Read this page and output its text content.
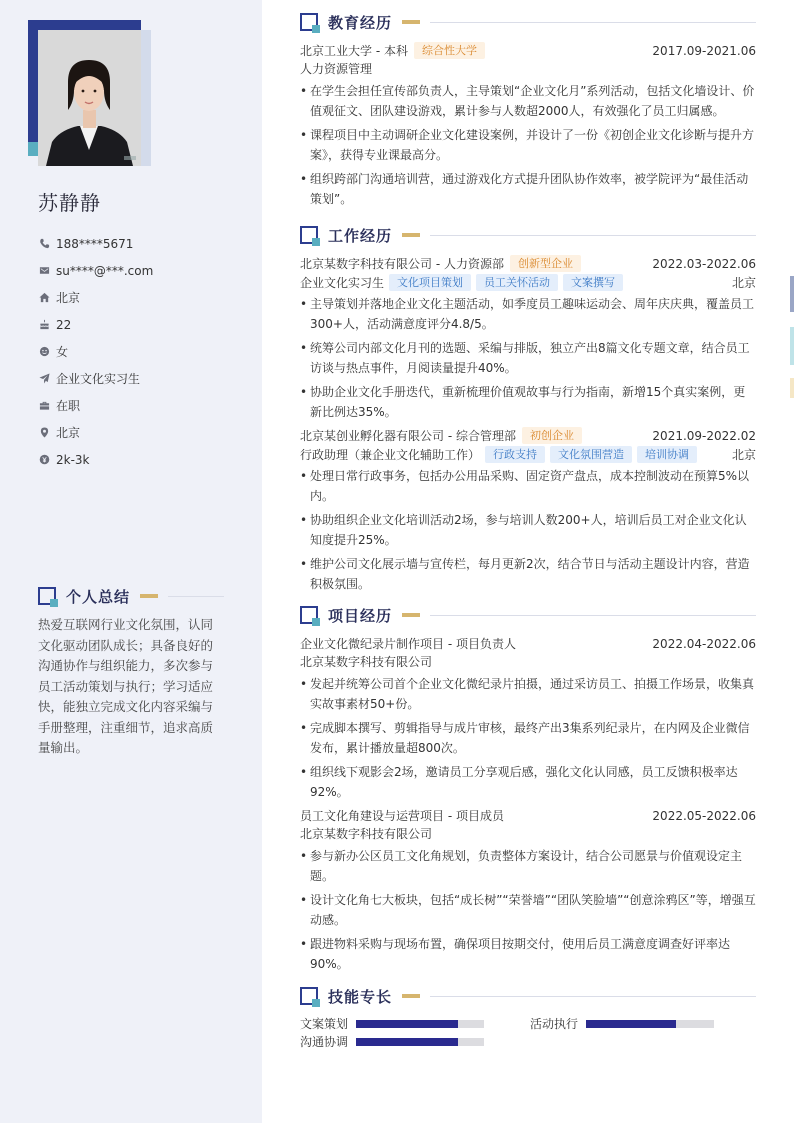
苏静静
188****5671
su****@***.com
北京
22
女
企业文化实习生
在职
北京
2k-3k
个人总结
热爱互联网行业文化氛围，认同文化驱动团队成长；具备良好的沟通协作与组织能力，多次参与员工活动策划与执行；学习适应快，能独立完成文化内容采编与手册整理，注重细节，追求高质量输出。
教育经历
北京工业大学 - 本科	综合性大学	2017.09-2021.06
人力资源管理
• 在学生会担任宣传部负责人，主导策划“企业文化月”系列活动，包括文化墙设计、价值观征文、团队建设游戏，累计参与人数超2000人，有效强化了员工归属感。
• 课程项目中主动调研企业文化建设案例，并设计了一份《初创企业文化诊断与提升方案》，获得专业课最高分。
• 组织跨部门沟通培训营，通过游戏化方式提升团队协作效率，被学院评为“最佳活动策划”。
工作经历
北京某数字科技有限公司 - 人力资源部	创新型企业	2022.03-2022.06
企业文化实习生	文化项目策划	员工关怀活动	文案撰写	北京
• 主导策划并落地企业文化主题活动，如季度员工趣味运动会、周年庆庆典，覆盖员工300+人，活动满意度评分4.8/5。
• 统筹公司内部文化月刊的选题、采编与排版，独立产出8篇文化专题文章，结合员工访谈与热点事件，月阅读量提升40%。
• 协助企业文化手册迭代，重新梳理价值观故事与行为指南，新增15个真实案例，更新比例达35%。
北京某创业孵化器有限公司 - 综合管理部	初创企业	2021.09-2022.02
行政助理（兼企业文化辅助工作）	行政支持	文化氛围营造	培训协调	北京
• 处理日常行政事务，包括办公用品采购、固定资产盘点，成本控制波动在预算5%以内。
• 协助组织企业文化培训活动2场，参与培训人数200+人，培训后员工对企业文化认知度提升25%。
• 维护公司文化展示墙与宣传栏，每月更新2次，结合节日与活动主题设计内容，营造积极氛围。
项目经历
企业文化微纪录片制作项目 - 项目负责人	2022.04-2022.06
北京某数字科技有限公司
• 发起并统筹公司首个企业文化微纪录片拍摄，通过采访员工、拍摄工作场景，收集真实故事素材50+份。
• 完成脚本撰写、剪辑指导与成片审核，最终产出3集系列纪录片，在内网及企业微信发布，累计播放量超800次。
• 组织线下观影会2场，邀请员工分享观后感，强化文化认同感，员工反馈积极率达92%。
员工文化角建设与运营项目 - 项目成员	2022.05-2022.06
北京某数字科技有限公司
• 参与新办公区员工文化角规划，负责整体方案设计，结合公司愿景与价值观设定主题。
• 设计文化角七大板块，包括“成长树”“荣誉墙”“团队笑脸墙”“创意涂鸦区”等，增强互动感。
• 跟进物料采购与现场布置，确保项目按期交付，使用后员工满意度调查好评率达90%。
技能专长
文案策划	活动执行
沟通协调
